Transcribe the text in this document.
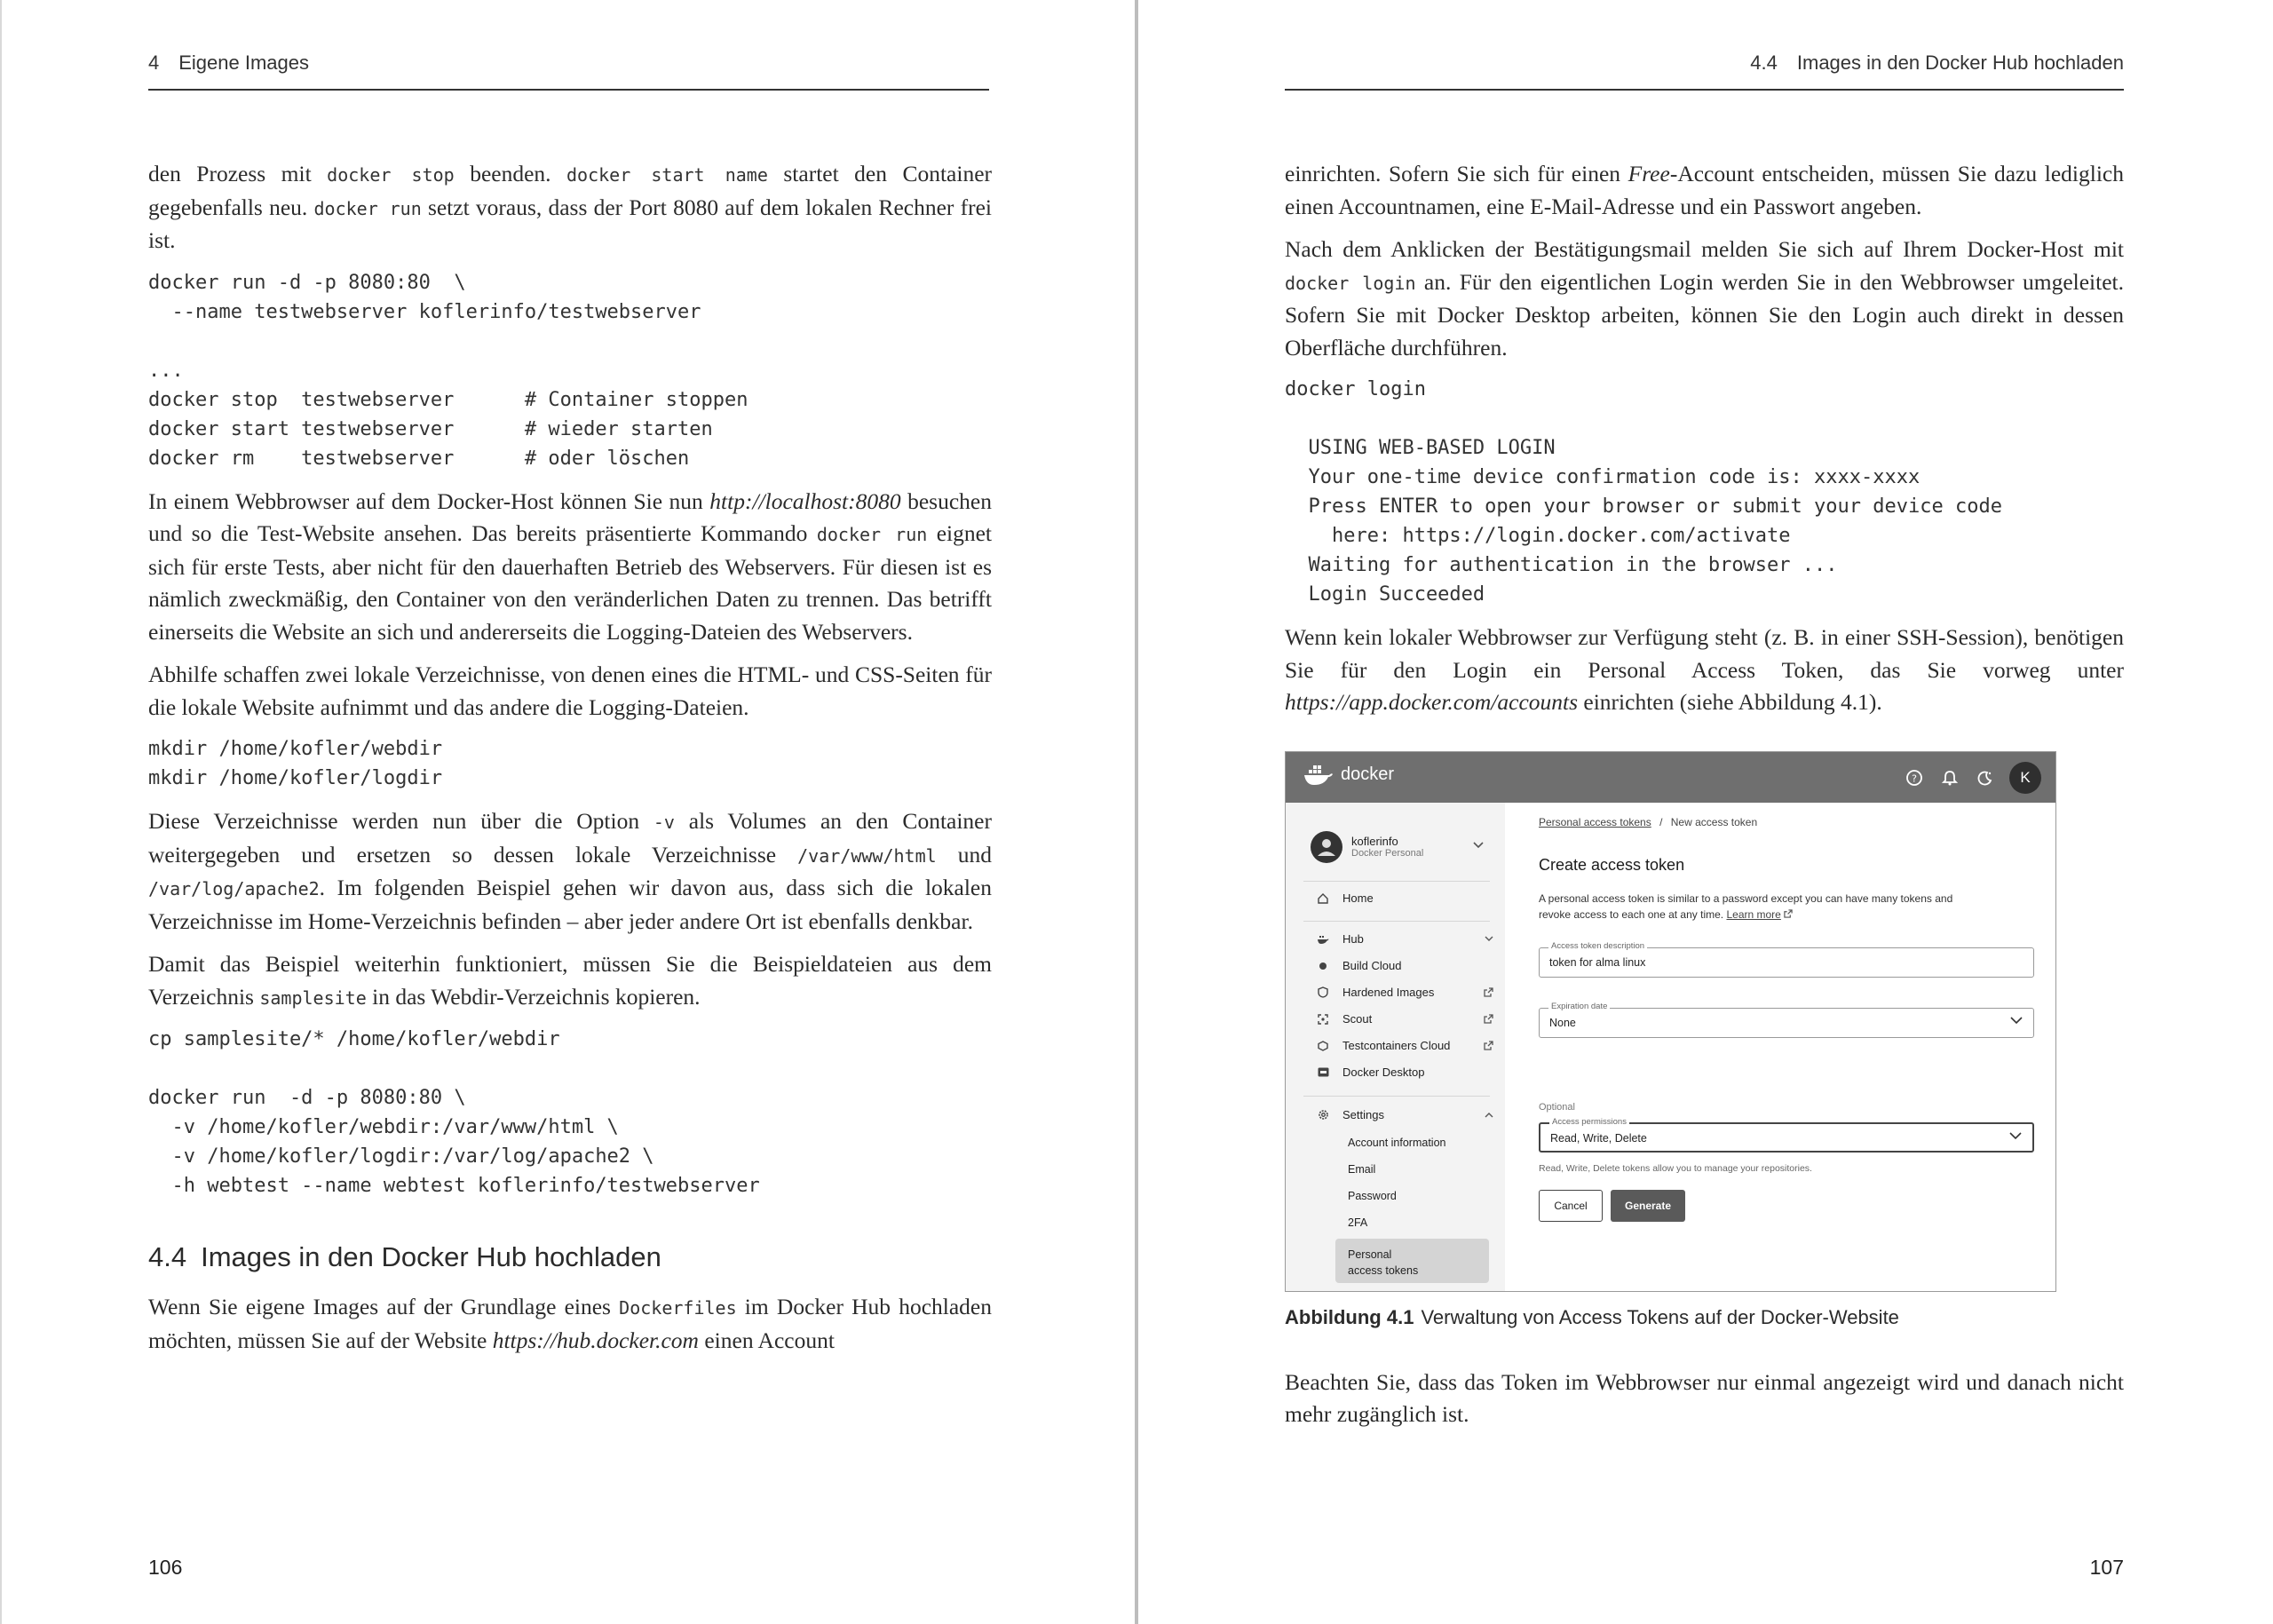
4 Eigene Images

den Prozess mit docker stop beenden. docker start name startet den Container gegebenfalls neu. docker run setzt voraus, dass der Port 8080 auf dem lokalen Rechner frei ist.

docker run -d -p 8080:80  \
--name testwebserver koflerinfo/testwebserver

...
docker stop  testwebserver      # Container stoppen
docker start testwebserver      # wieder starten
docker rm    testwebserver      # oder löschen

In einem Webbrowser auf dem Docker-Host können Sie nun http://localhost:8080 besuchen und so die Test-Website ansehen. Das bereits präsentierte Kommando docker run eignet sich für erste Tests, aber nicht für den dauerhaften Betrieb des Webservers. Für diesen ist es nämlich zweckmäßig, den Container von den veränderlichen Daten zu trennen. Das betrifft einerseits die Website an sich und andererseits die Logging-Dateien des Webservers.

Abhilfe schaffen zwei lokale Verzeichnisse, von denen eines die HTML- und CSS-Seiten für die lokale Website aufnimmt und das andere die Logging-Dateien.

mkdir /home/kofler/webdir
mkdir /home/kofler/logdir

Diese Verzeichnisse werden nun über die Option -v als Volumes an den Container weitergegeben und ersetzen so dessen lokale Verzeichnisse /var/www/html und /var/log/apache2. Im folgenden Beispiel gehen wir davon aus, dass sich die lokalen Verzeichnisse im Home-Verzeichnis befinden – aber jeder andere Ort ist ebenfalls denkbar.

Damit das Beispiel weiterhin funktioniert, müssen Sie die Beispieldateien aus dem Verzeichnis samplesite in das Webdir-Verzeichnis kopieren.

cp samplesite/* /home/kofler/webdir

docker run  -d -p 8080:80 \
-v /home/kofler/webdir:/var/www/html \
-v /home/kofler/logdir:/var/log/apache2 \
-h webtest --name webtest koflerinfo/testwebserver
4.4 Images in den Docker Hub hochladen

Wenn Sie eigene Images auf der Grundlage eines Dockerfiles im Docker Hub hochladen möchten, müssen Sie auf der Website https://hub.docker.com einen Account

106
4.4 Images in den Docker Hub hochladen

einrichten. Sofern Sie sich für einen Free-Account entscheiden, müssen Sie dazu lediglich einen Accountnamen, eine E-Mail-Adresse und ein Passwort angeben.

Nach dem Anklicken der Bestätigungsmail melden Sie sich auf Ihrem Docker-Host mit docker login an. Für den eigentlichen Login werden Sie in den Webbrowser umgeleitet. Sofern Sie mit Docker Desktop arbeiten, können Sie den Login auch direkt in dessen Oberfläche durchführen.

docker login

USING WEB-BASED LOGIN
Your one-time device confirmation code is: xxxx-xxxx
Press ENTER to open your browser or submit your device code
here: https://login.docker.com/activate
Waiting for authentication in the browser ...
Login Succeeded

Wenn kein lokaler Webbrowser zur Verfügung steht (z. B. in einer SSH-Session), benötigen Sie für den Login ein Personal Access Token, das Sie vorweg unter https://app.docker.com/accounts einrichten (siehe Abbildung 4.1).

docker	?	K
koflerinfo
Docker Personal
Home
Hub
Build Cloud
Hardened Images
Scout
Testcontainers Cloud
Docker Desktop
Settings
Account information
Email
Password
2FA
Personal access tokens / New access token
Create access token
A personal access token is similar to a password except you can have many tokens and
revoke access to each one at any time. Learn more
Access token description
token for alma linux
Expiration date
None
Optional
Access permissions
Read, Write, Delete
Read, Write, Delete tokens allow you to manage your repositories.
Cancel	Generate
Personal
access tokens

Abbildung 4.1 Verwaltung von Access Tokens auf der Docker-Website

Beachten Sie, dass das Token im Webbrowser nur einmal angezeigt wird und danach nicht mehr zugänglich ist.

107
